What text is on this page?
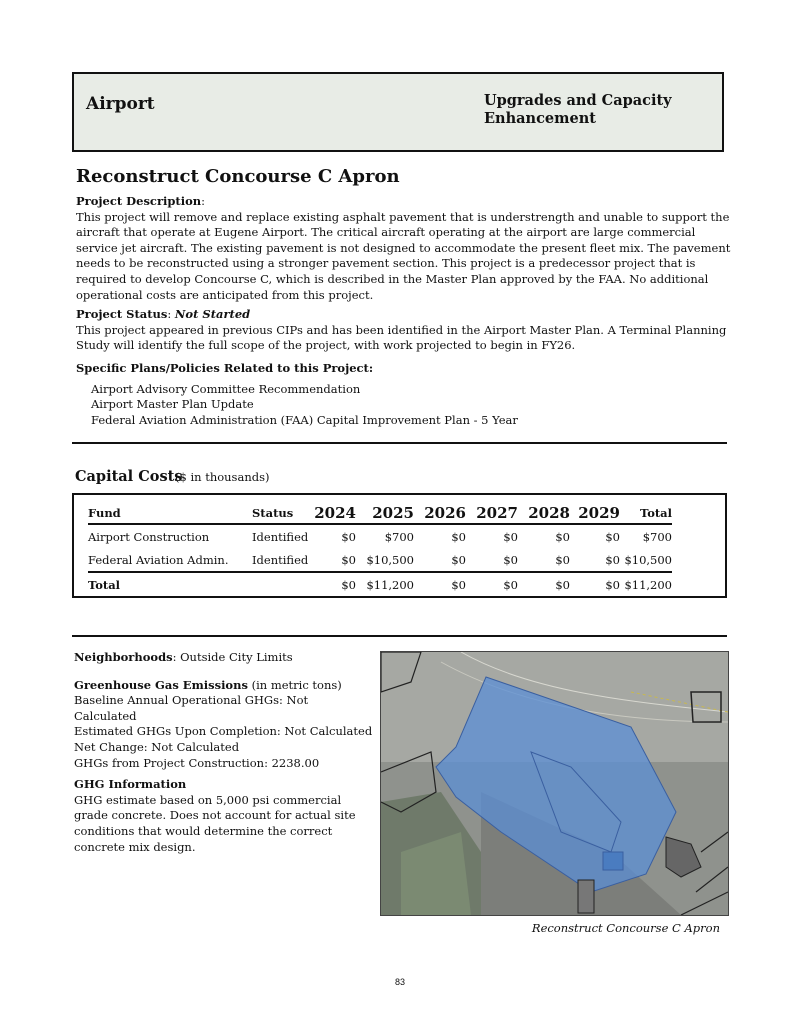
Airport	Upgrades and Capacity Enhancement
Reconstruct Concourse C Apron

Project Description:

This project will remove and replace existing asphalt pavement that is understrength and unable to support the aircraft that operate at Eugene Airport. The critical aircraft operating at the airport are large commercial service jet aircraft. The existing pavement is not designed to accommodate the present fleet mix. The pavement needs to be reconstructed using a stronger pavement section. This project is a predecessor project that is required to develop Concourse C, which is described in the Master Plan approved by the FAA. No additional operational costs are anticipated from this project.

Project Status: Not Started

This project appeared in previous CIPs and has been identified in the Airport Master Plan. A Terminal Planning Study will identify the full scope of the project, with work projected to begin in FY26.

Specific Plans/Policies Related to this Project:

Airport Advisory Committee Recommendation

Airport Master Plan Update

Federal Aviation Administration (FAA) Capital Improvement Plan - 5 Year

Capital Costs
($ in thousands)
Fund	Status	2024	2025	2026	2027	2028	2029	Total
Airport Construction	Identified	$0	$700	$0	$0	$0	$0	$700
Federal Aviation Admin.	Identified	$0	$10,500	$0	$0	$0	$0	$10,500
Total		$0	$11,200	$0	$0	$0	$0	$11,200

Neighborhoods: Outside City Limits

Greenhouse Gas Emissions (in metric tons)

Baseline Annual Operational GHGs: Not Calculated

Estimated GHGs Upon Completion: Not Calculated

Net Change: Not Calculated

GHGs from Project Construction: 2238.00

GHG Information

GHG estimate based on 5,000 psi commercial grade concrete. Does not account for actual site conditions that would determine the correct concrete mix design.

Reconstruct Concourse C Apron
83
